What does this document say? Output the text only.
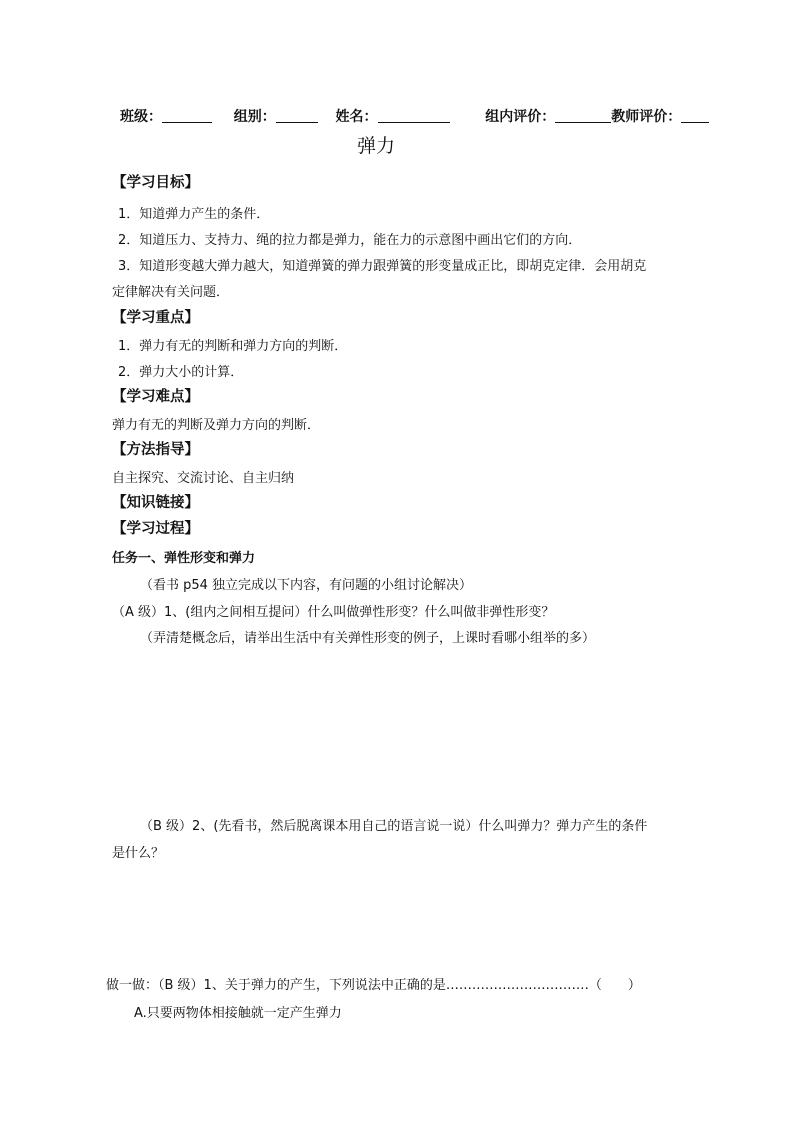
班级：	组别：	姓名：	组内评价：	教师评价：
弹力
【学习目标】
1．知道弹力产生的条件．
2．知道压力、支持力、绳的拉力都是弹力，能在力的示意图中画出它们的方向．
3．知道形变越大弹力越大，知道弹簧的弹力跟弹簧的形变量成正比，即胡克定律．会用胡克
定律解决有关问题．
【学习重点】
1．弹力有无的判断和弹力方向的判断．
2．弹力大小的计算．
【学习难点】
弹力有无的判断及弹力方向的判断．
【方法指导】
自主探究、交流讨论、自主归纳
【知识链接】
【学习过程】
任务一、弹性形变和弹力
（看书 p54 独立完成以下内容，有问题的小组讨论解决）
（A 级）1、(组内之间相互提问）什么叫做弹性形变？什么叫做非弹性形变？
（弄清楚概念后，请举出生活中有关弹性形变的例子，上课时看哪小组举的多）
（B 级）2、(先看书，然后脱离课本用自己的语言说一说）什么叫弹力？弹力产生的条件
是什么？
做一做：（B 级）1、关于弹力的产生，下列说法中正确的是……………………………（　　）
A.只要两物体相接触就一定产生弹力
